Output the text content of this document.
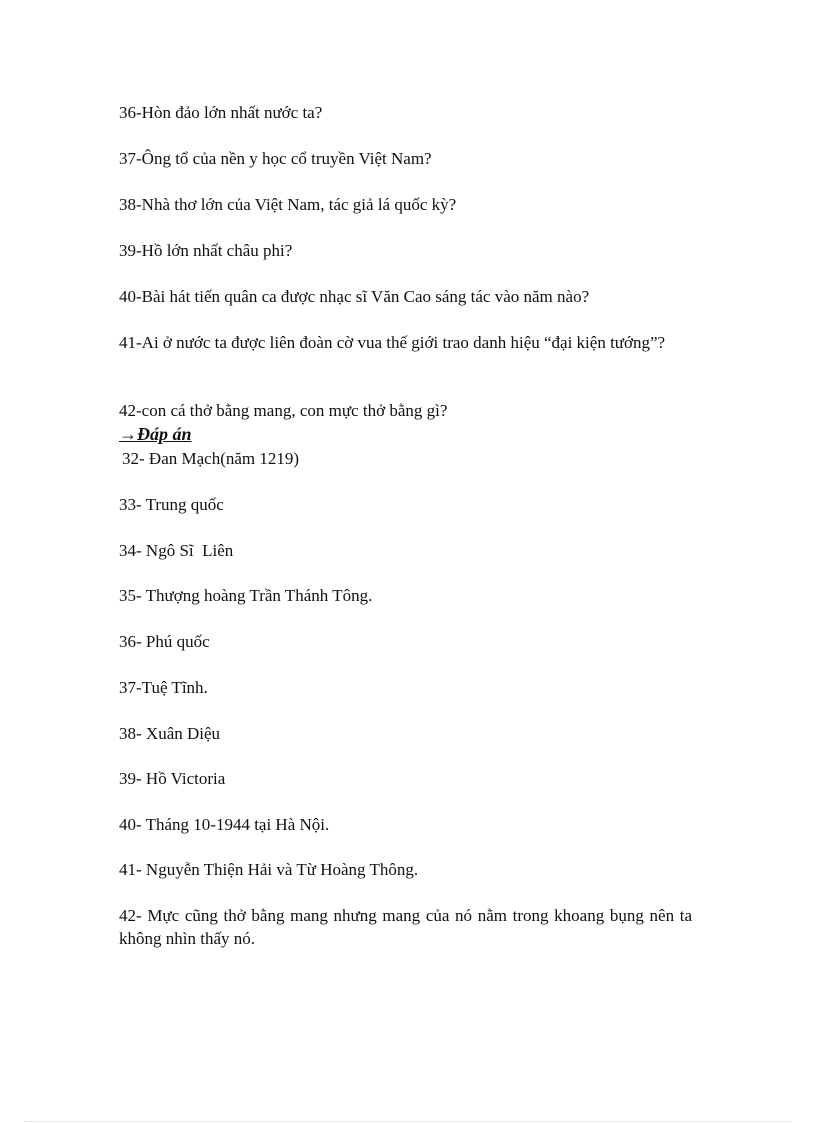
36-Hòn đảo lớn nhất nước ta?
37-Ông tổ của nền y học cổ truyền Việt Nam?
38-Nhà thơ lớn của Việt Nam, tác giả lá quốc kỳ?
39-Hồ lớn nhất châu phi?
40-Bài hát tiến quân ca được nhạc sĩ Văn Cao sáng tác vào năm nào?
41-Ai ở nước ta được liên đoàn cờ vua thế giới trao danh hiệu “đại kiện tướng”?
42-con cá thở bằng mang, con mực thở bằng gì?
→Đáp án
32- Đan Mạch(năm 1219)
33- Trung quốc
34- Ngô Sĩ  Liên
35- Thượng hoàng Trần Thánh Tông.
36- Phú quốc
37-Tuệ Tĩnh.
38- Xuân Diệu
39- Hồ Victoria
40- Tháng 10-1944 tại Hà Nội.
41- Nguyễn Thiện Hải và Từ Hoàng Thông.
42- Mực cũng thở bằng mang nhưng mang của nó nằm trong khoang bụng nên ta không nhìn thấy nó.
